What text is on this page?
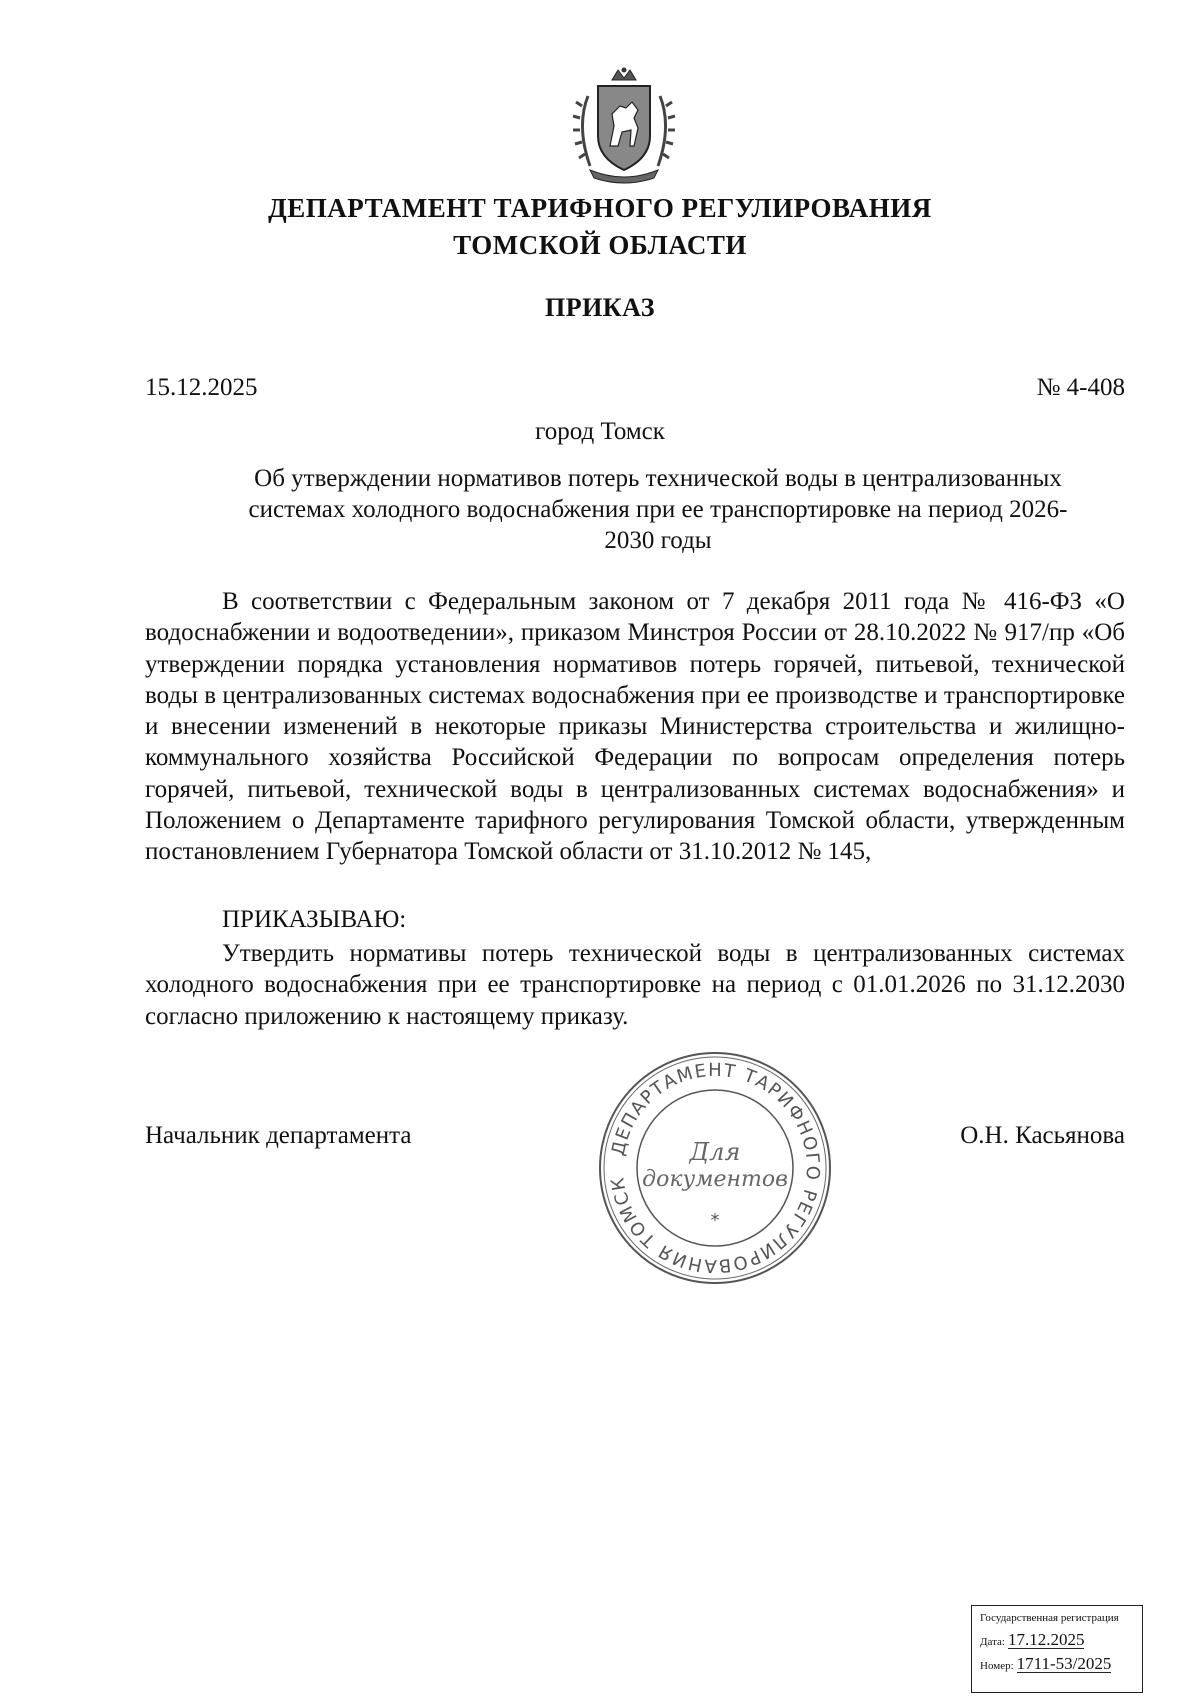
ДЕПАРТАМЕНТ ТАРИФНОГО РЕГУЛИРОВАНИЯ
ТОМСКОЙ ОБЛАСТИ
ПРИКАЗ
15.12.2025	№ 4-408
город Томск
Об утверждении нормативов потерь технической воды в централизованных системах холодного водоснабжения при ее транспортировке на период 2026-2030 годы
В соответствии с Федеральным законом от 7 декабря 2011 года № 416-ФЗ «О водоснабжении и водоотведении», приказом Минстроя России от 28.10.2022 № 917/пр «Об утверждении порядка установления нормативов потерь горячей, питьевой, технической воды в централизованных системах водоснабжения при ее производстве и транспортировке и внесении изменений в некоторые приказы Министерства строительства и жилищно-коммунального хозяйства Российской Федерации по вопросам определения потерь горячей, питьевой, технической воды в централизованных системах водоснабжения» и Положением о Департаменте тарифного регулирования Томской области, утвержденным постановлением Губернатора Томской области от 31.10.2012 № 145,
ПРИКАЗЫВАЮ:
Утвердить нормативы потерь технической воды в централизованных системах холодного водоснабжения при ее транспортировке на период с 01.01.2026 по 31.12.2030 согласно приложению к настоящему приказу.
Начальник департамента	О.Н. Касьянова
ДЕПАРТАМЕНТ ТАРИФНОГО РЕГУЛИРОВАНИЯ ТОМСК
*
Для
документов
Государственная регистрация
Дата: 17.12.2025
Номер: 1711-53/2025
